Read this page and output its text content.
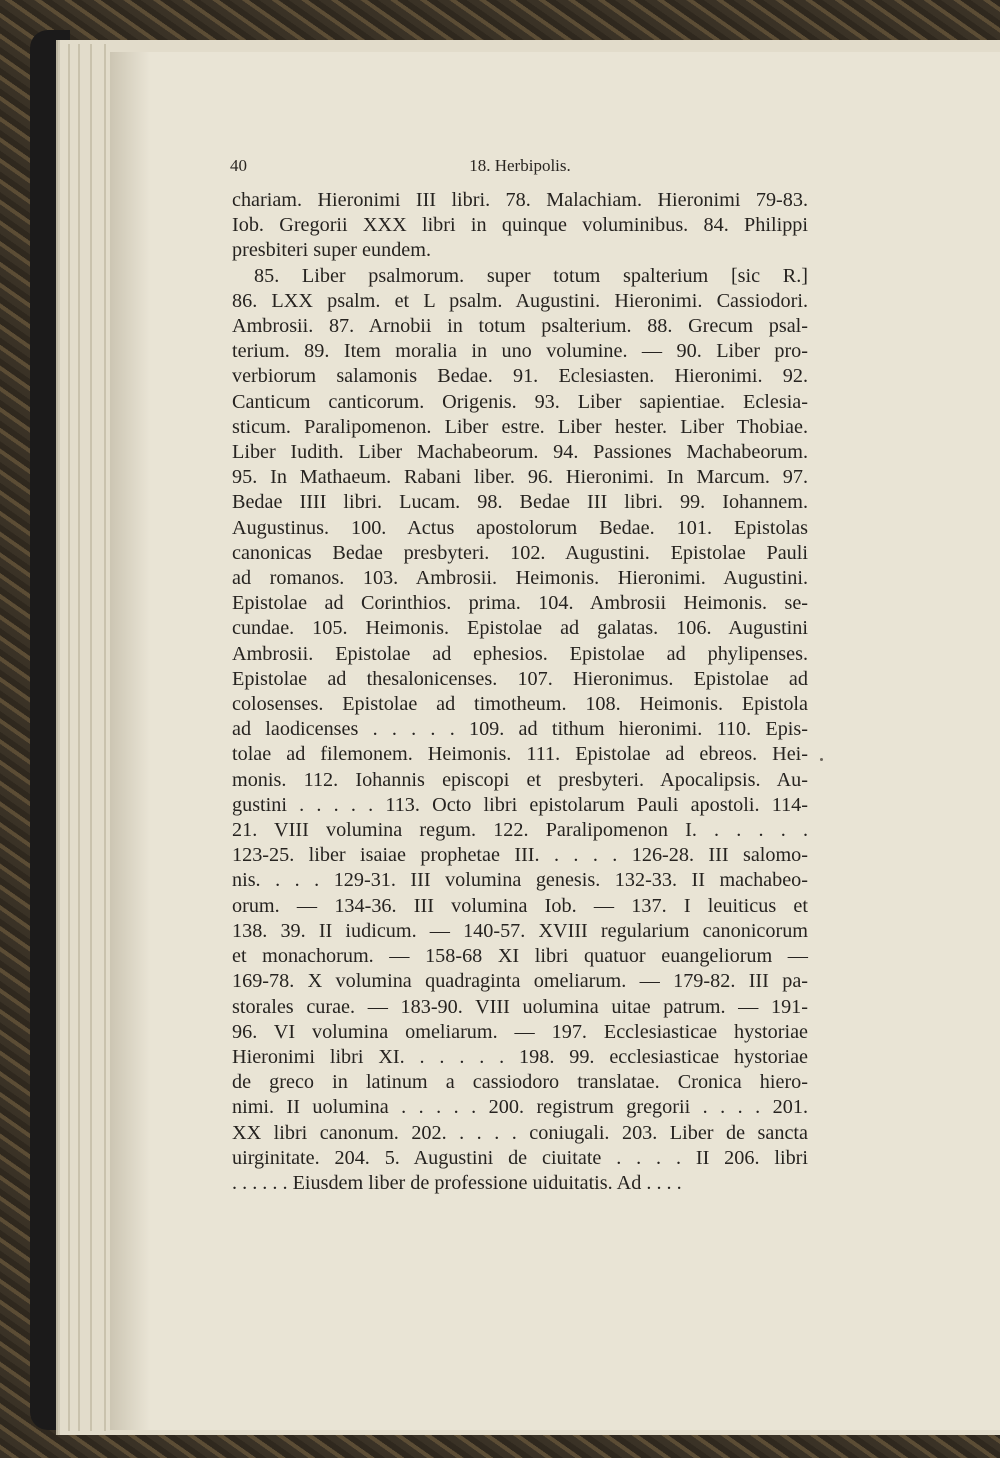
40	18. Herbipolis.
chariam. Hieronimi III libri. 78. Malachiam. Hieronimi 79-83.
Iob. Gregorii XXX libri in quinque voluminibus. 84. Philippi
presbiteri super eundem.
85. Liber psalmorum. super totum spalterium [sic R.]
86. LXX psalm. et L psalm. Augustini. Hieronimi. Cassiodori.
Ambrosii. 87. Arnobii in totum psalterium. 88. Grecum psal-
terium. 89. Item moralia in uno volumine. — 90. Liber pro-
verbiorum salamonis Bedae. 91. Eclesiasten. Hieronimi. 92.
Canticum canticorum. Origenis. 93. Liber sapientiae. Eclesia-
sticum. Paralipomenon. Liber estre. Liber hester. Liber Thobiae.
Liber Iudith. Liber Machabeorum. 94. Passiones Machabeorum.
95. In Mathaeum. Rabani liber. 96. Hieronimi. In Marcum. 97.
Bedae IIII libri. Lucam. 98. Bedae III libri. 99. Iohannem.
Augustinus. 100. Actus apostolorum Bedae. 101. Epistolas
canonicas Bedae presbyteri. 102. Augustini. Epistolae Pauli
ad romanos. 103. Ambrosii. Heimonis. Hieronimi. Augustini.
Epistolae ad Corinthios. prima. 104. Ambrosii Heimonis. se-
cundae. 105. Heimonis. Epistolae ad galatas. 106. Augustini
Ambrosii. Epistolae ad ephesios. Epistolae ad phylipenses.
Epistolae ad thesalonicenses. 107. Hieronimus. Epistolae ad
colosenses. Epistolae ad timotheum. 108. Heimonis. Epistola
ad laodicenses . . . . . 109. ad tithum hieronimi. 110. Epis-
tolae ad filemonem. Heimonis. 111. Epistolae ad ebreos. Hei-
monis. 112. Iohannis episcopi et presbyteri. Apocalipsis. Au-
gustini . . . . . 113. Octo libri epistolarum Pauli apostoli. 114-
21. VIII volumina regum. 122. Paralipomenon I. . . . . .
123-25. liber isaiae prophetae III. . . . . 126-28. III salomo-
nis. . . . 129-31. III volumina genesis. 132-33. II machabeo-
orum. — 134-36. III volumina Iob. — 137. I leuiticus et
138. 39. II iudicum. — 140-57. XVIII regularium canonicorum
et monachorum. — 158-68 XI libri quatuor euangeliorum —
169-78. X volumina quadraginta omeliarum. — 179-82. III pa-
storales curae. — 183-90. VIII uolumina uitae patrum. — 191-
96. VI volumina omeliarum. — 197. Ecclesiasticae hystoriae
Hieronimi libri XI. . . . . . 198. 99. ecclesiasticae hystoriae
de greco in latinum a cassiodoro translatae. Cronica hiero-
nimi. II uolumina . . . . . 200. registrum gregorii . . . . 201.
XX libri canonum. 202. . . . . coniugali. 203. Liber de sancta
uirginitate. 204. 5. Augustini de ciuitate . . . . II 206. libri
. . . . . . Eiusdem liber de professione uiduitatis. Ad . . . .
